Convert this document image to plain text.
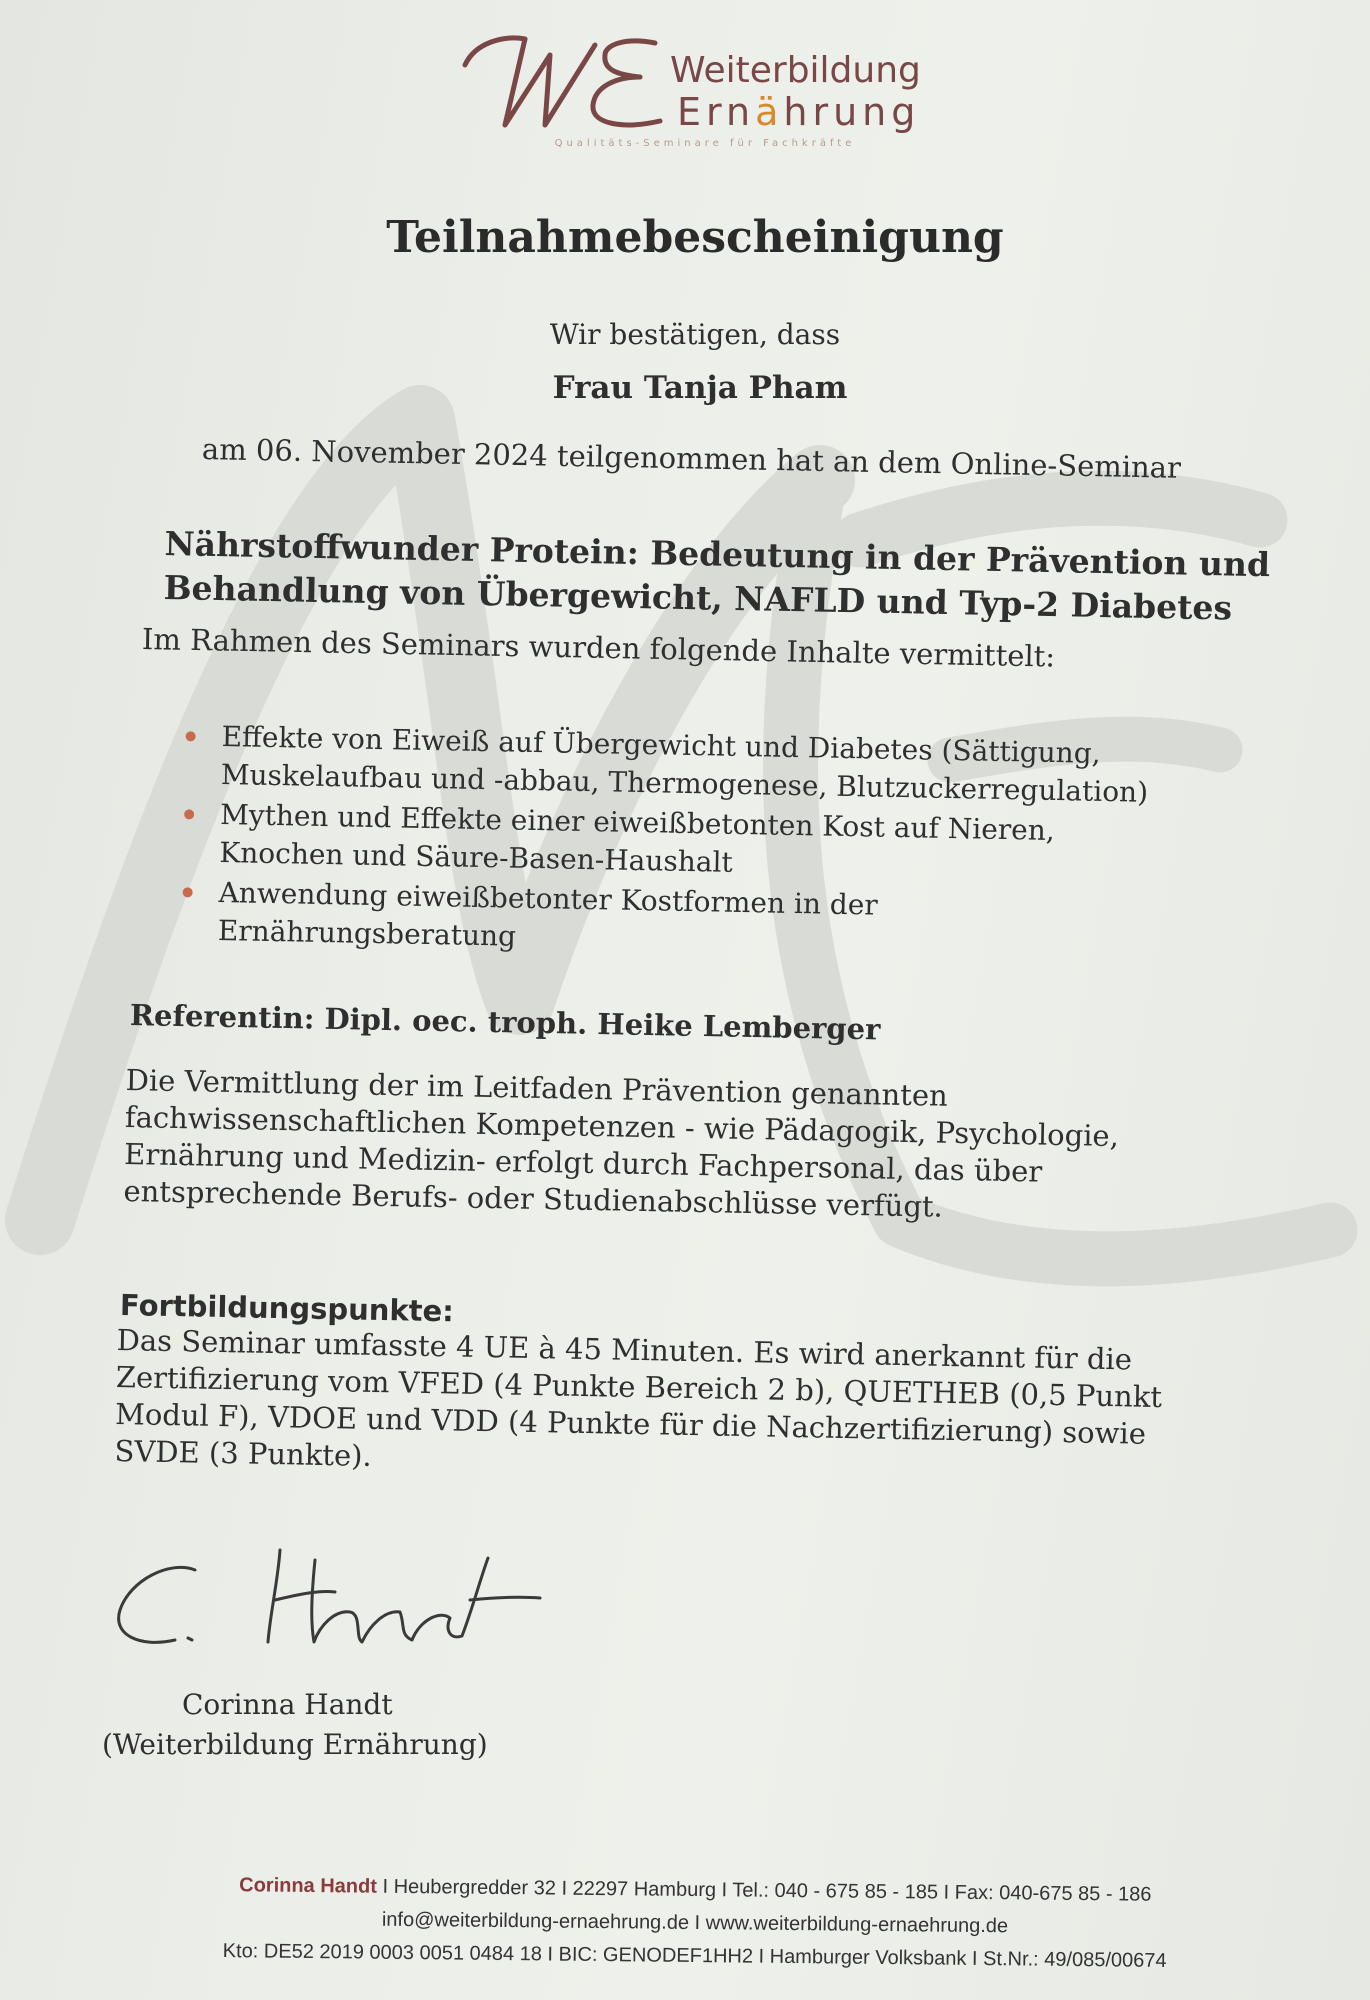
Weiterbildung
Ernährung
Qualitäts-Seminare für Fachkräfte
Teilnahmebescheinigung

Wir bestätigen, dass

Frau Tanja Pham

am 06. November 2024 teilgenommen hat an dem Online-Seminar

Nährstoffwunder Protein: Bedeutung in der Prävention und
Behandlung von Übergewicht, NAFLD und Typ-2 Diabetes

Im Rahmen des Seminars wurden folgende Inhalte vermittelt:

Effekte von Eiweiß auf Übergewicht und Diabetes (Sättigung,
Muskelaufbau und -abbau, Thermogenese, Blutzuckerregulation)
Mythen und Effekte einer eiweißbetonten Kost auf Nieren,
Knochen und Säure-Basen-Haushalt
Anwendung eiweißbetonter Kostformen in der
Ernährungsberatung

Referentin: Dipl. oec. troph. Heike Lemberger

Die Vermittlung der im Leitfaden Prävention genannten
fachwissenschaftlichen Kompetenzen - wie Pädagogik, Psychologie,
Ernährung und Medizin- erfolgt durch Fachpersonal, das über
entsprechende Berufs- oder Studienabschlüsse verfügt.

Fortbildungspunkte:

Das Seminar umfasste 4 UE à 45 Minuten. Es wird anerkannt für die
Zertifizierung vom VFED (4 Punkte Bereich 2 b), QUETHEB (0,5 Punkt
Modul F), VDOE und VDD (4 Punkte für die Nachzertifizierung) sowie
SVDE (3 Punkte).

Corinna Handt

(Weiterbildung Ernährung)

Corinna Handt I Heubergredder 32 I 22297 Hamburg I Tel.: 040 - 675 85 - 185 I Fax: 040-675 85 - 186
info@weiterbildung-ernaehrung.de I www.weiterbildung-ernaehrung.de
Kto: DE52 2019 0003 0051 0484 18 I BIC: GENODEF1HH2 I Hamburger Volksbank I St.Nr.: 49/085/00674
